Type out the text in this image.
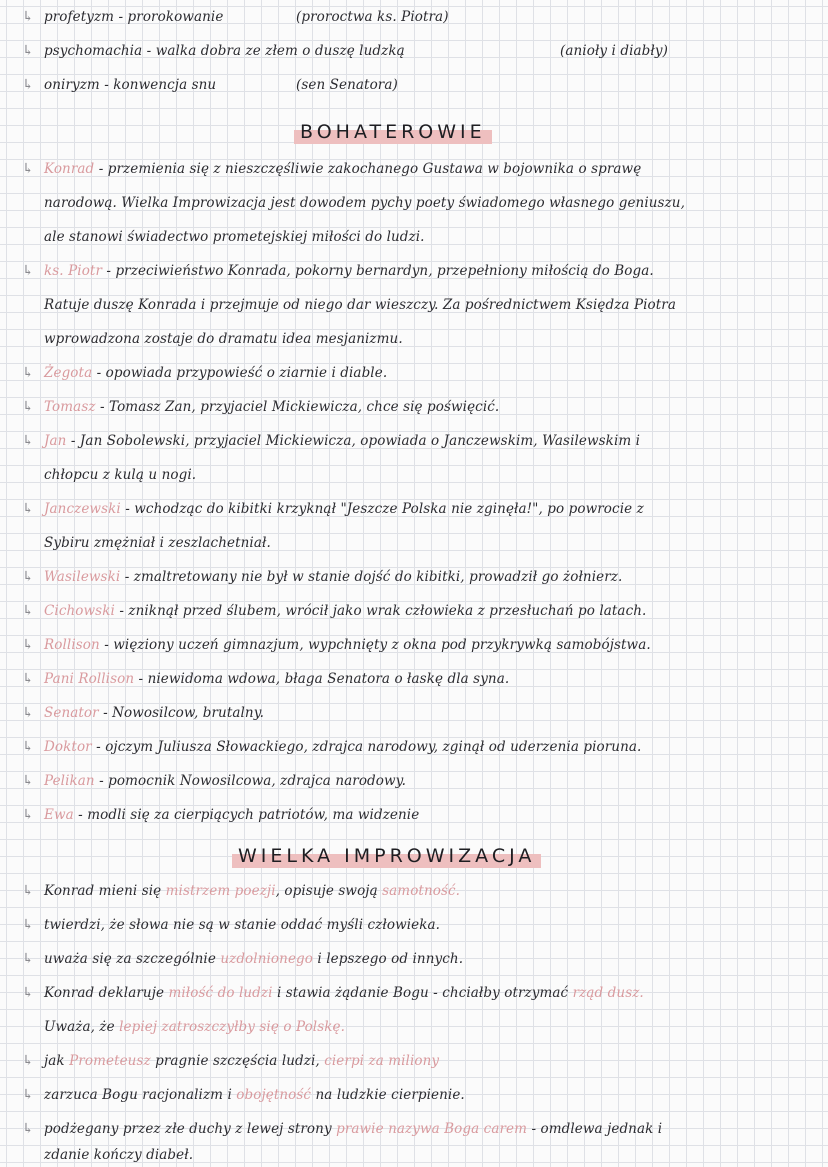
↳ profetyzm - prorokowanie	(proroctwa ks. Piotra)
↳ psychomachia - walka dobra ze złem o duszę ludzką	(anioły i diabły)
↳ oniryzm - konwencja snu	(sen Senatora)
BOHATEROWIE
↳ Konrad - przemienia się z nieszczęśliwie zakochanego Gustawa w bojownika o sprawę
narodową. Wielka Improwizacja jest dowodem pychy poety świadomego własnego geniuszu,
ale stanowi świadectwo prometejskiej miłości do ludzi.
↳ ks. Piotr - przeciwieństwo Konrada, pokorny bernardyn, przepełniony miłością do Boga.
Ratuje duszę Konrada i przejmuje od niego dar wieszczy. Za pośrednictwem Księdza Piotra
wprowadzona zostaje do dramatu idea mesjanizmu.
↳ Żegota - opowiada przypowieść o ziarnie i diable.
↳ Tomasz - Tomasz Zan, przyjaciel Mickiewicza, chce się poświęcić.
↳ Jan - Jan Sobolewski, przyjaciel Mickiewicza, opowiada o Janczewskim, Wasilewskim i
chłopcu z kulą u nogi.
↳ Janczewski - wchodząc do kibitki krzyknął "Jeszcze Polska nie zginęła!", po powrocie z
Sybiru zmężniał i zeszlachetniał.
↳ Wasilewski - zmaltretowany nie był w stanie dojść do kibitki, prowadził go żołnierz.
↳ Cichowski - zniknął przed ślubem, wrócił jako wrak człowieka z przesłuchań po latach.
↳ Rollison - więziony uczeń gimnazjum, wypchnięty z okna pod przykrywką samobójstwa.
↳ Pani Rollison - niewidoma wdowa, błaga Senatora o łaskę dla syna.
↳ Senator - Nowosilcow, brutalny.
↳ Doktor - ojczym Juliusza Słowackiego, zdrajca narodowy, zginął od uderzenia pioruna.
↳ Pelikan - pomocnik Nowosilcowa, zdrajca narodowy.
↳ Ewa - modli się za cierpiących patriotów, ma widzenie
WIELKA IMPROWIZACJA
↳ Konrad mieni się mistrzem poezji, opisuje swoją samotność.
↳ twierdzi, że słowa nie są w stanie oddać myśli człowieka.
↳ uważa się za szczególnie uzdolnionego i lepszego od innych.
↳ Konrad deklaruje miłość do ludzi i stawia żądanie Bogu - chciałby otrzymać rząd dusz.
Uważa, że lepiej zatroszczyłby się o Polskę.
↳ jak Prometeusz pragnie szczęścia ludzi, cierpi za miliony
↳ zarzuca Bogu racjonalizm i obojętność na ludzkie cierpienie.
↳ podżegany przez złe duchy z lewej strony prawie nazywa Boga carem - omdlewa jednak i
zdanie kończy diabeł.
